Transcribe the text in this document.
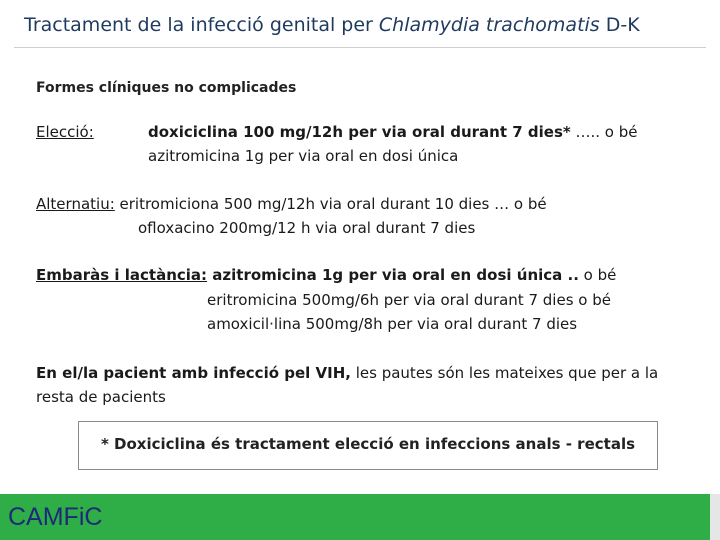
Tractament de la infecció genital per Chlamydia trachomatis D-K
Formes clíniques no complicades
Elecció:	doxiciclina 100 mg/12h per via oral durant 7 dies* ….. o bé
azitromicina 1g per via oral en dosi única
Alternatiu: eritromiciona 500 mg/12h via oral durant 10 dies … o bé
ofloxacino 200mg/12 h via oral durant 7 dies
Embaràs i lactància: azitromicina 1g per via oral en dosi única .. o bé
eritromicina 500mg/6h per via oral durant 7 dies o bé
amoxicil·lina 500mg/8h per via oral durant 7 dies
En el/la pacient amb infecció pel VIH, les pautes són les mateixes que per a la
resta de pacients
* Doxiciclina és tractament elecció en infeccions anals - rectals
CAMFiC
